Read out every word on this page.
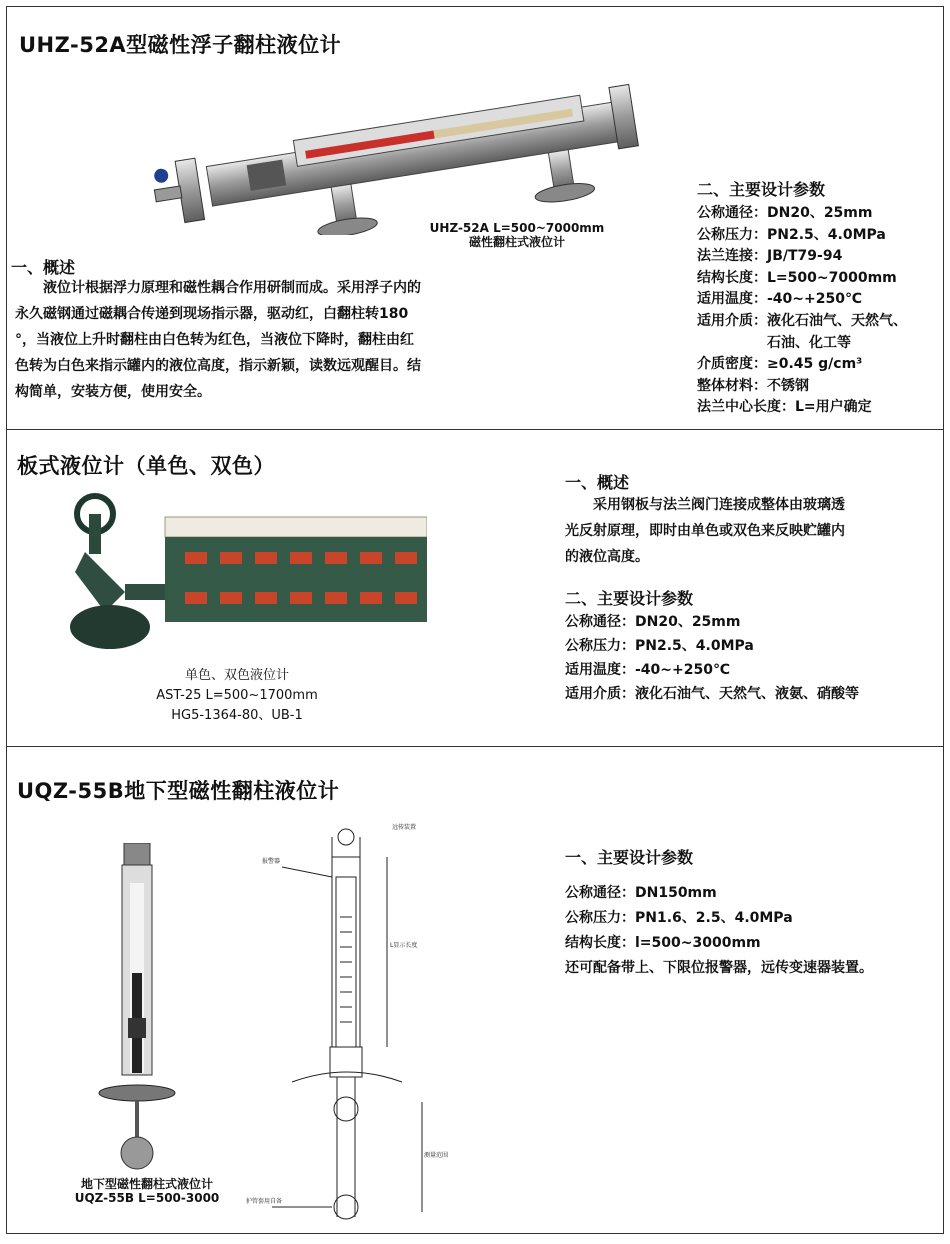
UHZ-52A型磁性浮子翻柱液位计
UHZ-52A L=500~7000mm
磁性翻柱式液位计
一、概述
液位计根据浮力原理和磁性耦合作用研制而成。采用浮子内的
永久磁钢通过磁耦合传递到现场指示器，驱动红，白翻柱转180
°，当液位上升时翻柱由白色转为红色，当液位下降时，翻柱由红
色转为白色来指示罐内的液位高度，指示新颖，读数远观醒目。结
构简单，安装方便，使用安全。
二、主要设计参数
公称通径：DN20、25mm
公称压力：PN2.5、4.0MPa
法兰连接：JB/T79-94
结构长度：L=500~7000mm
适用温度：-40~+250℃
适用介质：液化石油气、天然气、
　　　　　石油、化工等
介质密度：≥0.45 g/cm³
整体材料：不锈钢
法兰中心长度：L=用户确定
板式液位计（单色、双色）
单色、双色液位计
AST-25 L=500~1700mm
HG5-1364-80、UB-1
一、概述
采用钢板与法兰阀门连接成整体由玻璃透
光反射原理，即时由单色或双色来反映贮罐内
的液位高度。
二、主要设计参数
公称通径：DN20、25mm
公称压力：PN2.5、4.0MPa
适用温度：-40~+250℃
适用介质：液化石油气、天然气、液氨、硝酸等
UQZ-55B地下型磁性翻柱液位计
地下型磁性翻柱式液位计
UQZ-55B L=500-3000
远传装置
报警器
L显示长度
护管套用自备
测量范围
一、主要设计参数
公称通径：DN150mm
公称压力：PN1.6、2.5、4.0MPa
结构长度：l=500~3000mm
还可配备带上、下限位报警器，远传变速器装置。
